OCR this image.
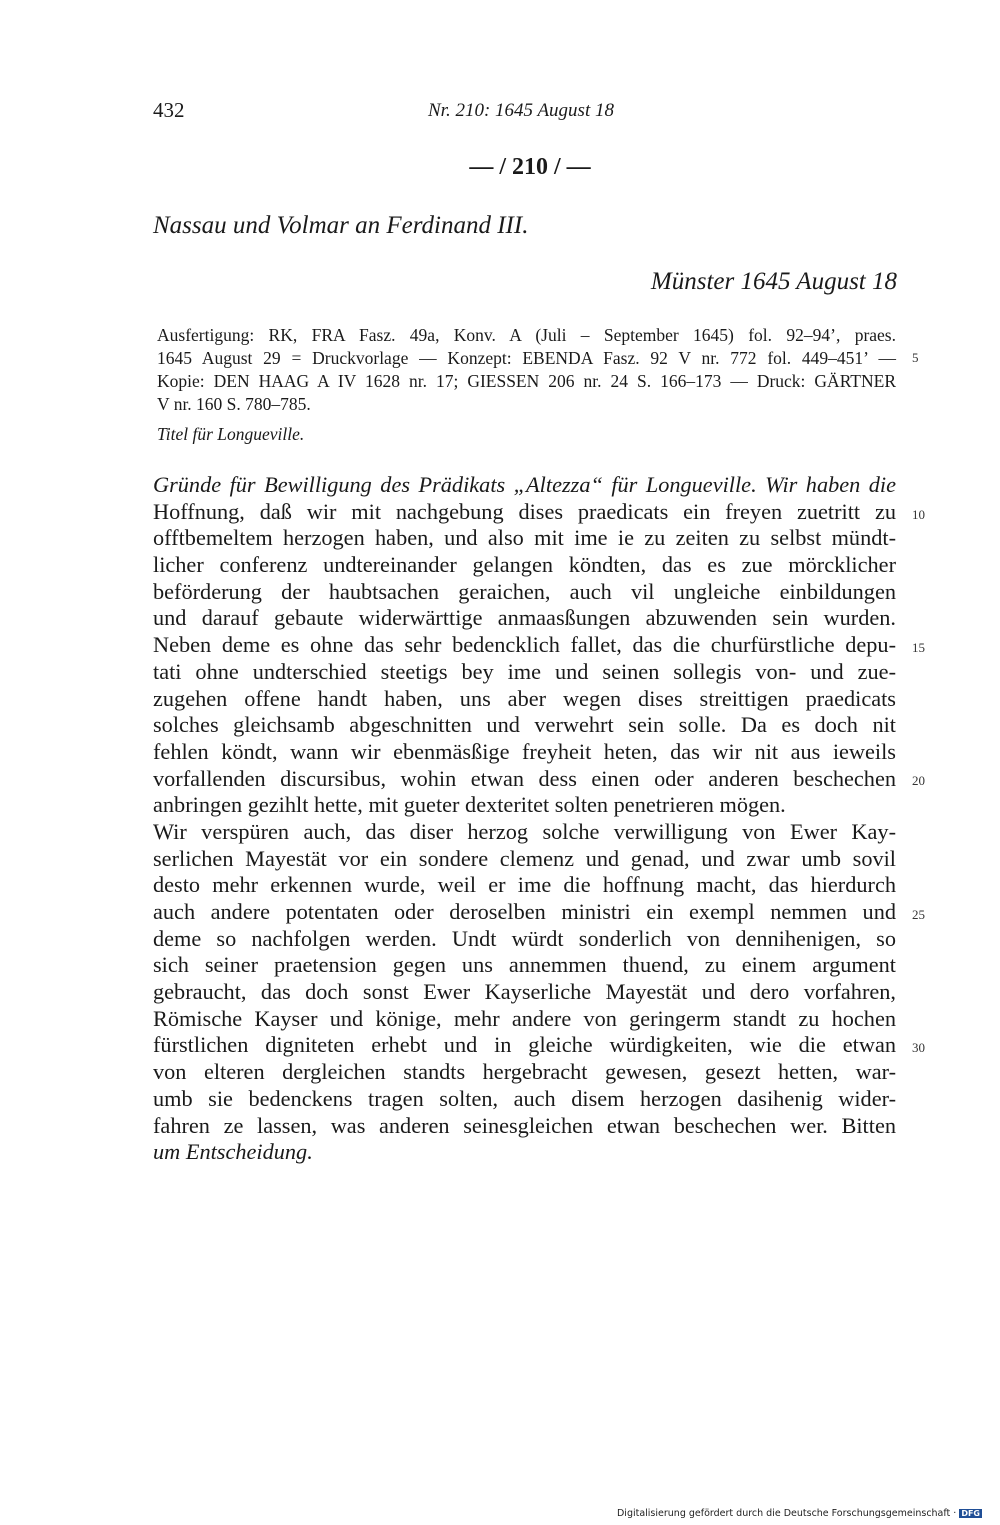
432	Nr. 210: 1645 August 18
— / 210 / —
Nassau und Volmar an Ferdinand III.
Münster 1645 August 18
Ausfertigung: RK, FRA Fasz. 49a, Konv. A (Juli – September 1645) fol. 92–94’, praes.
1645 August 29 = Druckvorlage — Konzept: EBENDA Fasz. 92 V nr. 772 fol. 449–451’ —
Kopie: DEN HAAG A IV 1628 nr. 17; GIESSEN 206 nr. 24 S. 166–173 — Druck: GÄRTNER
V nr. 160 S. 780–785.
5
Titel für Longueville.
Gründe für Bewilligung des Prädikats „Altezza“ für Longueville. Wir haben die
Hoffnung, daß wir mit nachgebung dises praedicats ein freyen zuetritt zu
offtbemeltem herzogen haben, und also mit ime ie zu zeiten zu selbst mündt-
licher conferenz undtereinander gelangen köndten, das es zue mörcklicher
beförderung der haubtsachen geraichen, auch vil ungleiche einbildungen
und darauf gebaute widerwärttige anmaasßungen abzuwenden sein wurden.
Neben deme es ohne das sehr bedencklich fallet, das die churfürstliche depu-
tati ohne undterschied steetigs bey ime und seinen sollegis von- und zue-
zugehen offene handt haben, uns aber wegen dises streittigen praedicats
solches gleichsamb abgeschnitten und verwehrt sein solle. Da es doch nit
fehlen köndt, wann wir ebenmäsßige freyheit heten, das wir nit aus ieweils
vorfallenden discursibus, wohin etwan dess einen oder anderen beschechen
anbringen gezihlt hette, mit gueter dexteritet solten penetrieren mögen.
Wir verspüren auch, das diser herzog solche verwilligung von Ewer Kay-
serlichen Mayestät vor ein sondere clemenz und genad, und zwar umb sovil
desto mehr erkennen wurde, weil er ime die hoffnung macht, das hierdurch
auch andere potentaten oder deroselben ministri ein exempl nemmen und
deme so nachfolgen werden. Undt würdt sonderlich von dennihenigen, so
sich seiner praetension gegen uns annemmen thuend, zu einem argument
gebraucht, das doch sonst Ewer Kayserliche Mayestät und dero vorfahren,
Römische Kayser und könige, mehr andere von geringerm standt zu hochen
fürstlichen digniteten erhebt und in gleiche würdigkeiten, wie die etwan
von elteren dergleichen standts hergebracht gewesen, gesezt hetten, war-
umb sie bedenckens tragen solten, auch disem herzogen dasihenig wider-
fahren ze lassen, was anderen seinesgleichen etwan beschechen wer. Bitten
um Entscheidung.
10
15
20
25
30
Digitalisierung gefördert durch die Deutsche Forschungsgemeinschaft · DFG
